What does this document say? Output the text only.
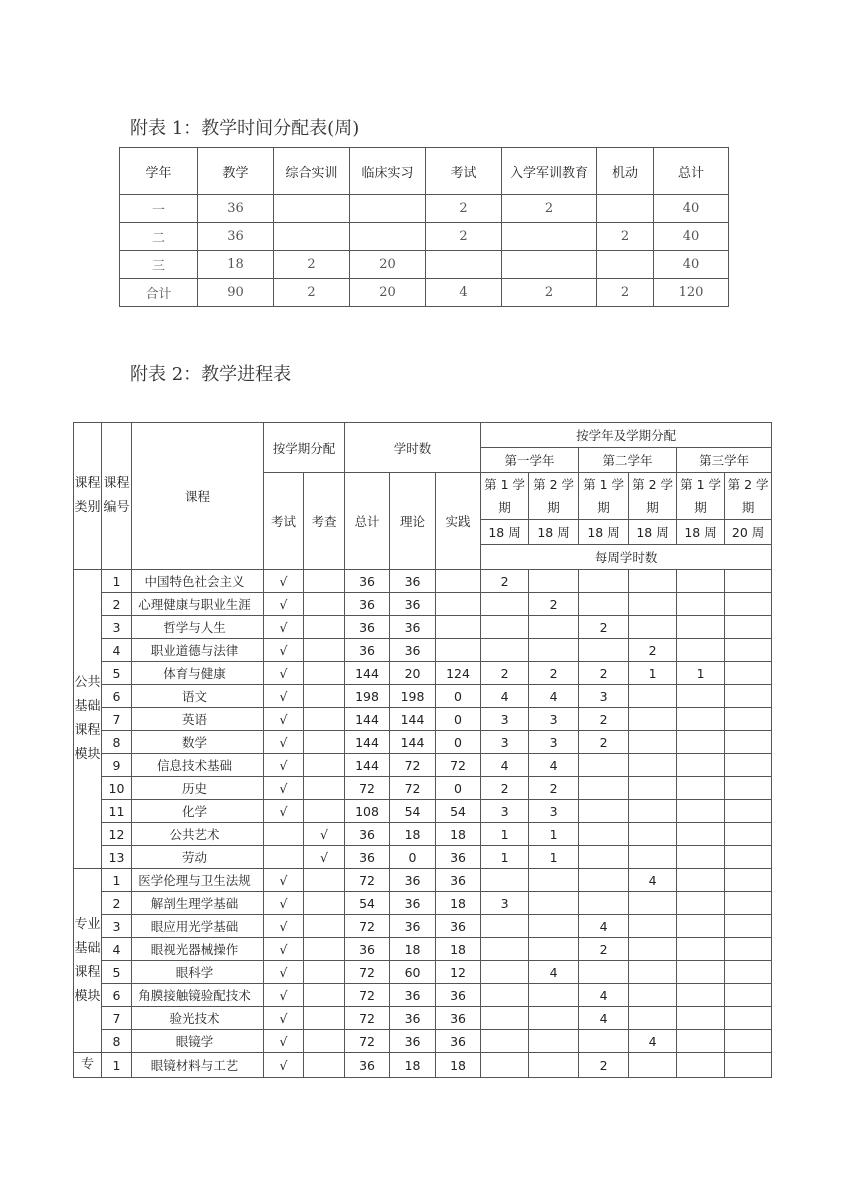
附表 1：教学时间分配表(周)
学年	教学	综合实训	临床实习	考试	入学军训教育	机动	总计
一	36			2	2		40
二	36			2		2	40
三	18	2	20				40
合计	90	2	20	4	2	2	120
附表 2：教学进程表
课程类别	课程编号	课程	按学期分配		学时数			按学年及学期分配					
								第一学年		第二学年		第三学年	
			考试	考查	总计	理论	实践	第 1 学期	第 2 学期	第 1 学期	第 2 学期	第 1 学期	第 2 学期

								18 周	18 周	18 周	18 周	18 周	20 周
								每周学时数					
公共基础课程模块	1	中国特色社会主义	√		36	36		2					
	2	心理健康与职业生涯	√		36	36			2				
	3	哲学与人生	√		36	36				2			
	4	职业道德与法律	√		36	36					2		
	5	体育与健康	√		144	20	124	2	2	2	1	1	
	6	语文	√		198	198	0	4	4	3			
	7	英语	√		144	144	0	3	3	2			
	8	数学	√		144	144	0	3	3	2			
	9	信息技术基础	√		144	72	72	4	4				
	10	历史	√		72	72	0	2	2				
	11	化学	√		108	54	54	3	3				
	12	公共艺术		√	36	18	18	1	1				
	13	劳动		√	36	0	36	1	1				
专业基础课程模块	1	医学伦理与卫生法规	√		72	36	36				4		
	2	解剖生理学基础	√		54	36	18	3					
	3	眼应用光学基础	√		72	36	36			4			
	4	眼视光器械操作	√		36	18	18			2			
	5	眼科学	√		72	60	12		4				
	6	角膜接触镜验配技术	√		72	36	36			4			
	7	验光技术	√		72	36	36			4			
	8	眼镜学	√		72	36	36				4		
专	1	眼镜材料与工艺	√		36	18	18			2			
